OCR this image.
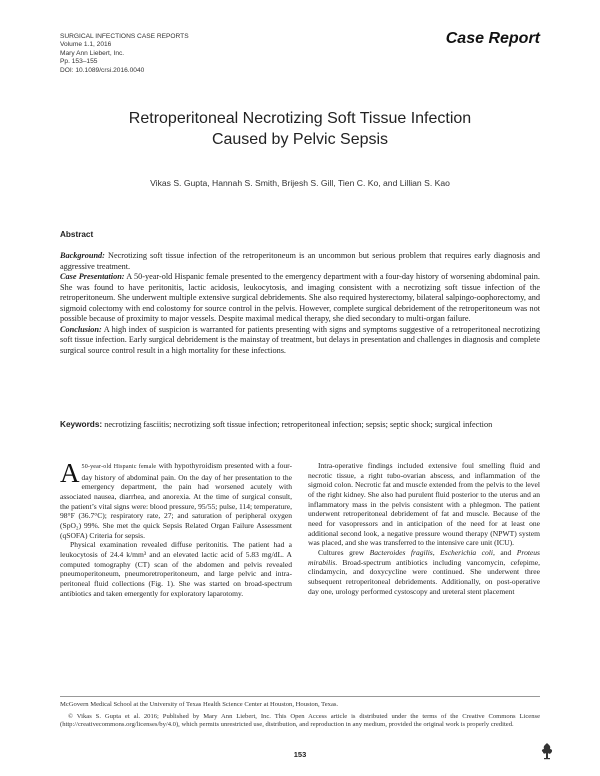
SURGICAL INFECTIONS CASE REPORTS
Volume 1.1, 2016
Mary Ann Liebert, Inc.
Pp. 153–155
DOI: 10.1089/crsi.2016.0040
Case Report
Retroperitoneal Necrotizing Soft Tissue Infection
Caused by Pelvic Sepsis
Vikas S. Gupta, Hannah S. Smith, Brijesh S. Gill, Tien C. Ko, and Lillian S. Kao
Abstract

Background: Necrotizing soft tissue infection of the retroperitoneum is an uncommon but serious problem that requires early diagnosis and aggressive treatment.

Case Presentation: A 50-year-old Hispanic female presented to the emergency department with a four-day history of worsening abdominal pain. She was found to have peritonitis, lactic acidosis, leukocytosis, and imaging consistent with a necrotizing soft tissue infection of the retroperitoneum. She underwent multiple extensive surgical debridements. She also required hysterectomy, bilateral salpingo-oophorectomy, and sigmoid colectomy with end colostomy for source control in the pelvis. However, complete surgical debridement of the retroperitoneum was not possible because of proximity to major vessels. Despite maximal medical therapy, she died secondary to multi-organ failure.

Conclusion: A high index of suspicion is warranted for patients presenting with signs and symptoms suggestive of a retroperitoneal necrotizing soft tissue infection. Early surgical debridement is the mainstay of treatment, but delays in presentation and challenges in diagnosis and complete surgical source control result in a high mortality for these infections.

Keywords: necrotizing fasciitis; necrotizing soft tissue infection; retroperitoneal infection; sepsis; septic shock; surgical infection

A 50-year-old Hispanic female with hypothyroidism presented with a four-day history of abdominal pain. On the day of her presentation to the emergency department, the pain had worsened acutely with associated nausea, diarrhea, and anorexia. At the time of surgical consult, the patient’s vital signs were: blood pressure, 95/55; pulse, 114; temperature, 98°F (36.7°C); respiratory rate, 27; and saturation of peripheral oxygen (SpO₂) 99%. She met the quick Sepsis Related Organ Failure Assessment (qSOFA) Criteria for sepsis.

Physical examination revealed diffuse peritonitis. The patient had a leukocytosis of 24.4 k/mm³ and an elevated lactic acid of 5.83 mg/dL. A computed tomography (CT) scan of the abdomen and pelvis revealed pneumoperitoneum, pneumoretroperitoneum, and large pelvic and intra-peritoneal fluid collections (Fig. 1). She was started on broad-spectrum antibiotics and taken emergently for exploratory laparotomy.

Intra-operative findings included extensive foul smelling fluid and necrotic tissue, a right tubo-ovarian abscess, and inflammation of the sigmoid colon. Necrotic fat and muscle extended from the pelvis to the level of the right kidney. She also had purulent fluid posterior to the uterus and an inflammatory mass in the pelvis consistent with a phlegmon. The patient underwent retroperitoneal debridement of fat and muscle. Because of the need for vasopressors and in anticipation of the need for at least one additional second look, a negative pressure wound therapy (NPWT) system was placed, and she was transferred to the intensive care unit (ICU).

Cultures grew Bacteroides fragilis, Escherichia coli, and Proteus mirabilis. Broad-spectrum antibiotics including vancomycin, cefepime, clindamycin, and doxycycline were continued. She underwent three subsequent retroperitoneal debridements. Additionally, on post-operative day one, urology performed cystoscopy and ureteral stent placement

McGovern Medical School at the University of Texas Health Science Center at Houston, Houston, Texas.
© Vikas S. Gupta et al. 2016; Published by Mary Ann Liebert, Inc. This Open Access article is distributed under the terms of the Creative Commons License (http://creativecommons.org/licenses/by/4.0), which permits unrestricted use, distribution, and reproduction in any medium, provided the original work is properly credited.
153
